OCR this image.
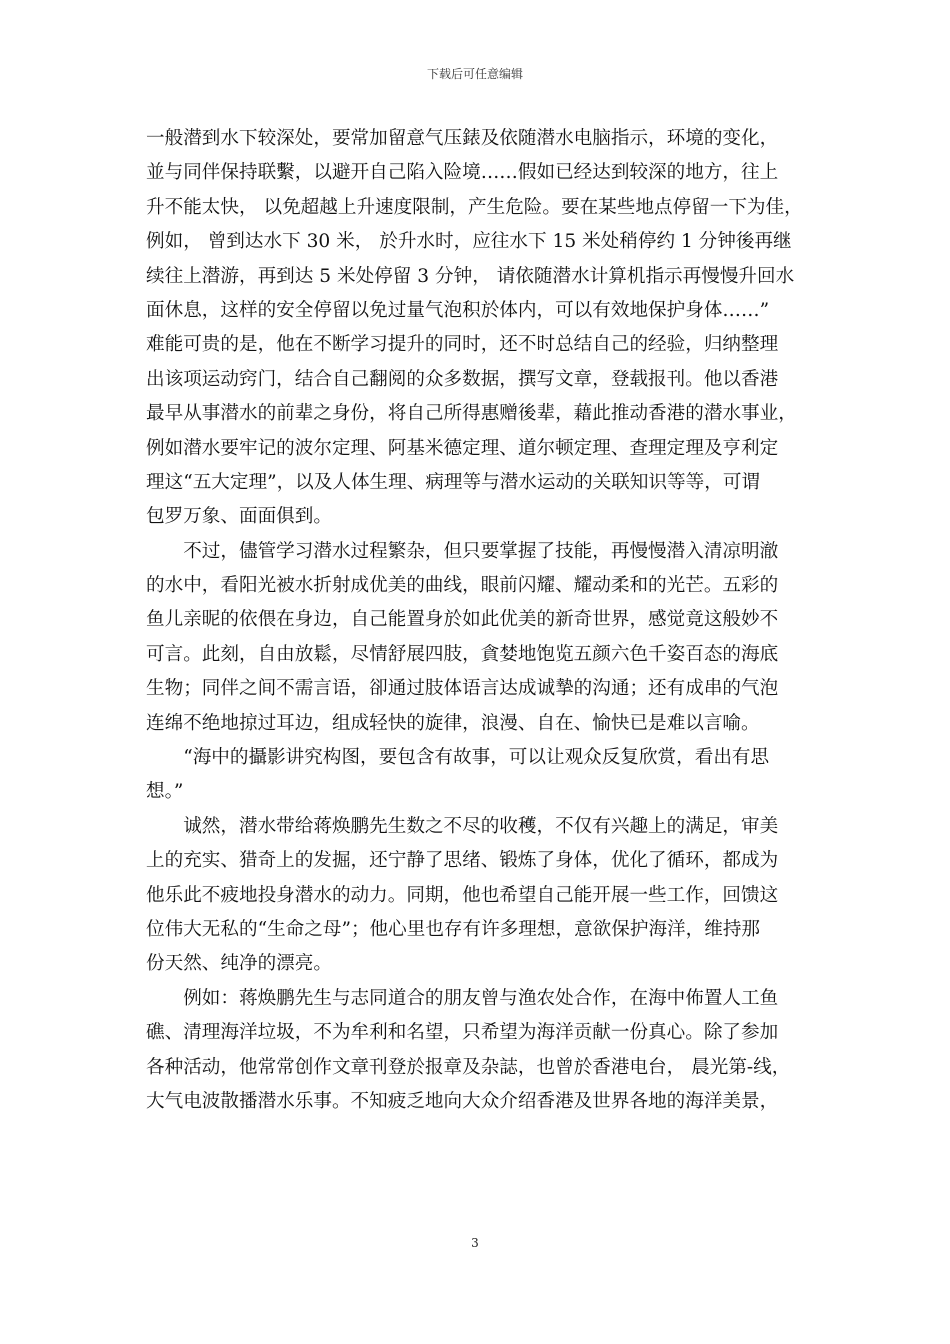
下载后可任意编辑
一般潜到水下较深处，要常加留意气压錶及依随潜水电脑指示，环境的变化，
並与同伴保持联繫，以避开自己陷入险境……假如已经达到较深的地方，往上
升不能太快， 以免超越上升速度限制，产生危险。要在某些地点停留一下为佳，
例如， 曾到达水下 30 米， 於升水时，应往水下 15 米处稍停约 1 分钟後再继
续往上潜游，再到达 5 米处停留 3 分钟， 请依随潜水计算机指示再慢慢升回水
面休息，这样的安全停留以免过量气泡积於体内，可以有效地保护身体……”
难能可贵的是，他在不断学习提升的同时，还不时总结自己的经验，归纳整理
出该项运动窍门，结合自己翻阅的众多数据，撰写文章，登载报刊。他以香港
最早从事潜水的前辈之身份，将自己所得惠赠後辈，藉此推动香港的潜水事业，
例如潜水要牢记的波尔定理、阿基米德定理、道尔顿定理、查理定理及亨利定
理这“五大定理”，以及人体生理、病理等与潜水运动的关联知识等等，可谓
包罗万象、面面俱到。
　　不过，儘管学习潜水过程繁杂，但只要掌握了技能，再慢慢潜入清凉明澈
的水中，看阳光被水折射成优美的曲线，眼前闪耀、耀动柔和的光芒。五彩的
鱼儿亲昵的依偎在身边，自己能置身於如此优美的新奇世界，感觉竟这般妙不
可言。此刻，自由放鬆，尽情舒展四肢，貪婪地饱览五颜六色千姿百态的海底
生物；同伴之间不需言语，卻通过肢体语言达成诚摯的沟通；还有成串的气泡
连绵不绝地掠过耳边，组成轻快的旋律，浪漫、自在、愉快已是难以言喻。
　　“海中的攝影讲究构图，要包含有故事，可以让观众反复欣赏，看出有思
想。”
　　诚然，潜水带给蒋焕鹏先生数之不尽的收穫，不仅有兴趣上的满足，审美
上的充实、猎奇上的发掘，还宁静了思绪、锻炼了身体，优化了循环，都成为
他乐此不疲地投身潜水的动力。同期，他也希望自己能开展一些工作，回馈这
位伟大无私的“生命之母”；他心里也存有许多理想，意欲保护海洋，维持那
份天然、纯净的漂亮。
　　例如：蒋焕鹏先生与志同道合的朋友曾与渔农处合作，在海中佈置人工鱼
礁、清理海洋垃圾，不为牟利和名望，只希望为海洋贡献一份真心。除了参加
各种活动，他常常创作文章刊登於报章及杂誌，也曾於香港电台， 晨光第-线，
大气电波散播潜水乐事。不知疲乏地向大众介绍香港及世界各地的海洋美景，
3
